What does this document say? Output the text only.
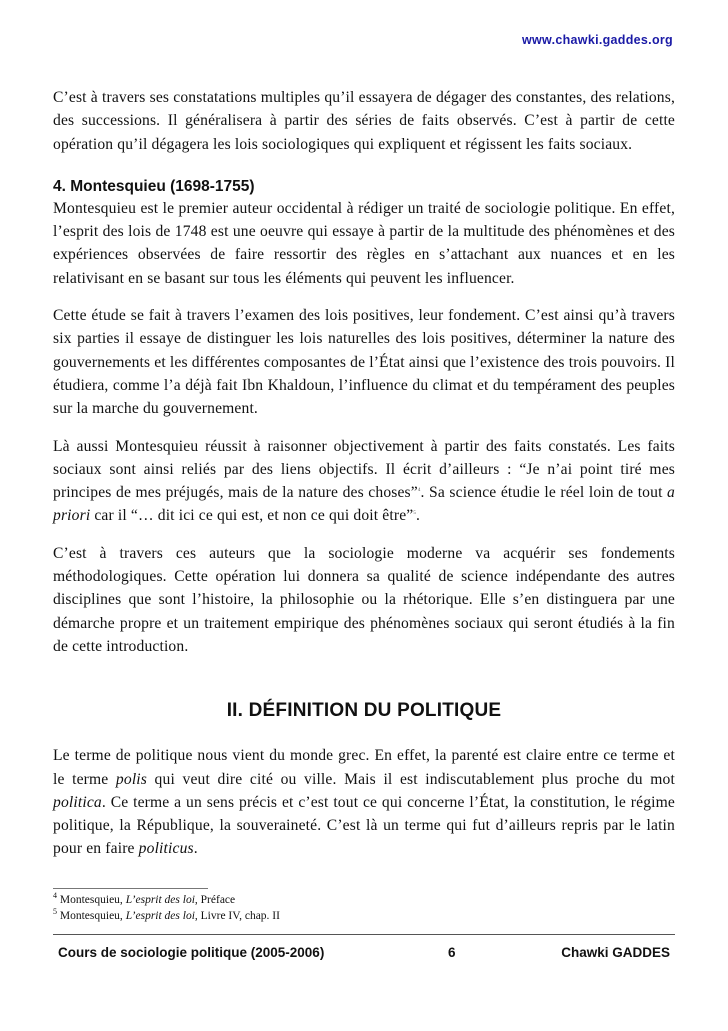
www.chawki.gaddes.org

C’est à travers ses constatations multiples qu’il essayera de dégager des constantes, des relations, des successions. Il généralisera à partir des séries de faits observés. C’est à partir de cette opération qu’il dégagera les lois sociologiques qui expliquent et régissent les faits sociaux.

4. Montesquieu (1698-1755)

Montesquieu est le premier auteur occidental à rédiger un traité de sociologie politique. En effet, l’esprit des lois de 1748 est une oeuvre qui essaye à partir de la multitude des phénomènes et des expériences observées de faire ressortir des règles en s’attachant aux nuances et en les relativisant en se basant sur tous les éléments qui peuvent les influencer.

Cette étude se fait à travers l’examen des lois positives, leur fondement. C’est ainsi qu’à travers six parties il essaye de distinguer les lois naturelles des lois positives, déterminer la nature des gouvernements et les différentes composantes de l’État ainsi que l’existence des trois pouvoirs. Il étudiera, comme l’a déjà fait Ibn Khaldoun, l’influence du climat et du tempérament des peuples sur la marche du gouvernement.

Là aussi Montesquieu réussit à raisonner objectivement à partir des faits constatés. Les faits sociaux sont ainsi reliés par des liens objectifs. Il écrit d’ailleurs : “Je n’ai point tiré mes principes de mes préjugés, mais de la nature des choses”$^4$. Sa science étudie le réel loin de tout a priori car il “… dit ici ce qui est, et non ce qui doit être”$^5$.

C’est à travers ces auteurs que la sociologie moderne va acquérir ses fondements méthodologiques. Cette opération lui donnera sa qualité de science indépendante des autres disciplines que sont l’histoire, la philosophie ou la rhétorique. Elle s’en distinguera par une démarche propre et un traitement empirique des phénomènes sociaux qui seront étudiés à la fin de cette introduction.

II. DÉFINITION DU POLITIQUE

Le terme de politique nous vient du monde grec. En effet, la parenté est claire entre ce terme et le terme polis qui veut dire cité ou ville. Mais il est indiscutablement plus proche du mot politica. Ce terme a un sens précis et c’est tout ce qui concerne l’État, la constitution, le régime politique, la République, la souveraineté. C’est là un terme qui fut d’ailleurs repris par le latin pour en faire politicus.

$^4$ Montesquieu, L’esprit des loi, Préface
$^5$ Montesquieu, L’esprit des loi, Livre IV, chap. II
Cours de sociologie politique (2005-2006)	6	Chawki GADDES
